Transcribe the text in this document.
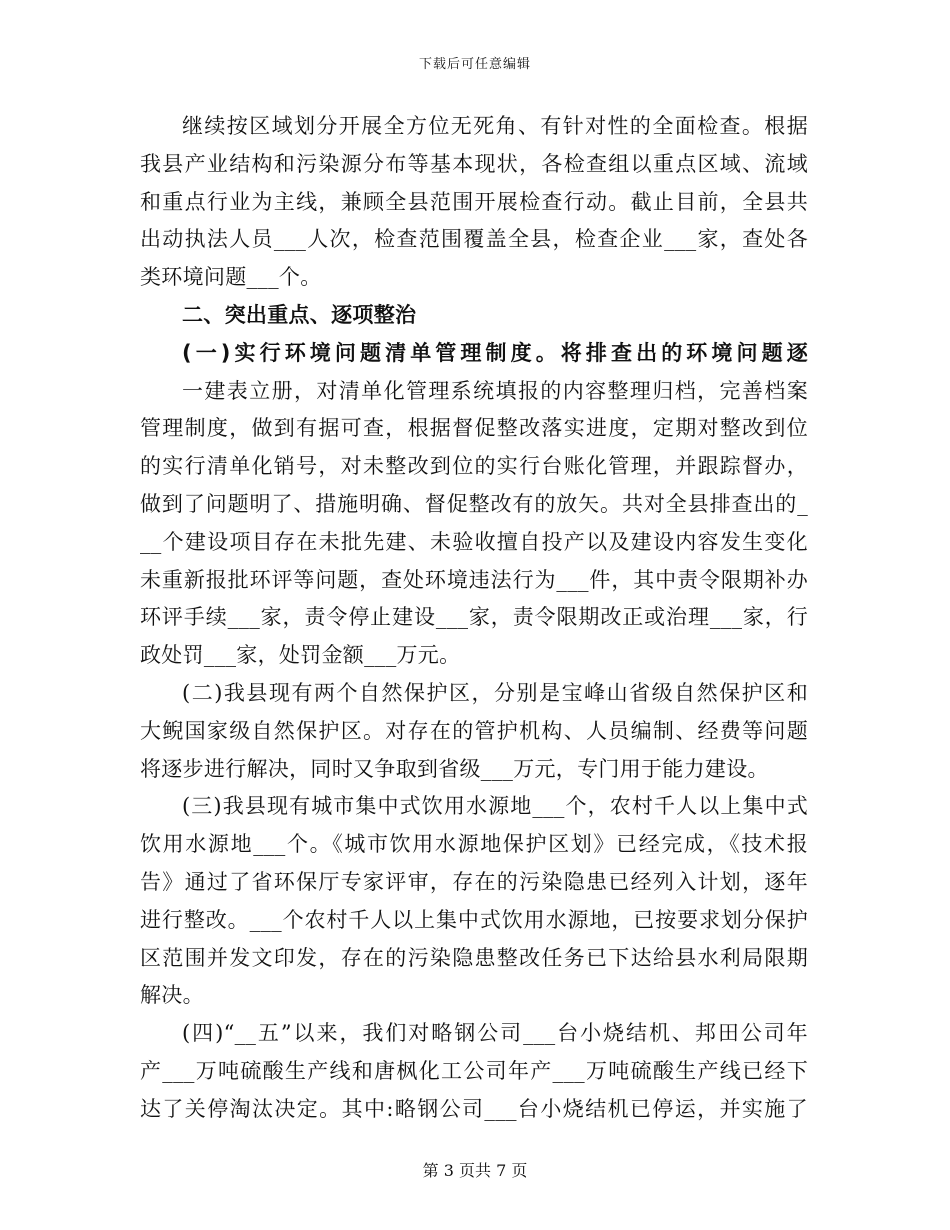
下载后可任意编辑

继续按区域划分开展全方位无死角、有针对性的全面检查。根据
我县产业结构和污染源分布等基本现状，各检查组以重点区域、流域
和重点行业为主线，兼顾全县范围开展检查行动。截止目前，全县共
出动执法人员___人次，检查范围覆盖全县，检查企业___家，查处各
类环境问题___个。

二、突出重点、逐项整治

(一)实行环境问题清单管理制度。将排查出的环境问题逐
一建表立册，对清单化管理系统填报的内容整理归档，完善档案
管理制度，做到有据可查，根据督促整改落实进度，定期对整改到位
的实行清单化销号，对未整改到位的实行台账化管理，并跟踪督办，
做到了问题明了、措施明确、督促整改有的放矢。共对全县排查出的_
__个建设项目存在未批先建、未验收擅自投产以及建设内容发生变化
未重新报批环评等问题，查处环境违法行为___件，其中责令限期补办
环评手续___家，责令停止建设___家，责令限期改正或治理___家，行
政处罚___家，处罚金额___万元。

(二)我县现有两个自然保护区，分别是宝峰山省级自然保护区和
大鲵国家级自然保护区。对存在的管护机构、人员编制、经费等问题
将逐步进行解决，同时又争取到省级___万元，专门用于能力建设。

(三)我县现有城市集中式饮用水源地___个，农村千人以上集中式
饮用水源地___个。《城市饮用水源地保护区划》已经完成，《技术报
告》通过了省环保厅专家评审，存在的污染隐患已经列入计划，逐年
进行整改。___个农村千人以上集中式饮用水源地，已按要求划分保护
区范围并发文印发，存在的污染隐患整改任务已下达给县水利局限期
解决。

(四)“__五”以来，我们对略钢公司___台小烧结机、邦田公司年
产___万吨硫酸生产线和唐枫化工公司年产___万吨硫酸生产线已经下
达了关停淘汰决定。其中:略钢公司___台小烧结机已停运，并实施了

第 3 页共 7 页
